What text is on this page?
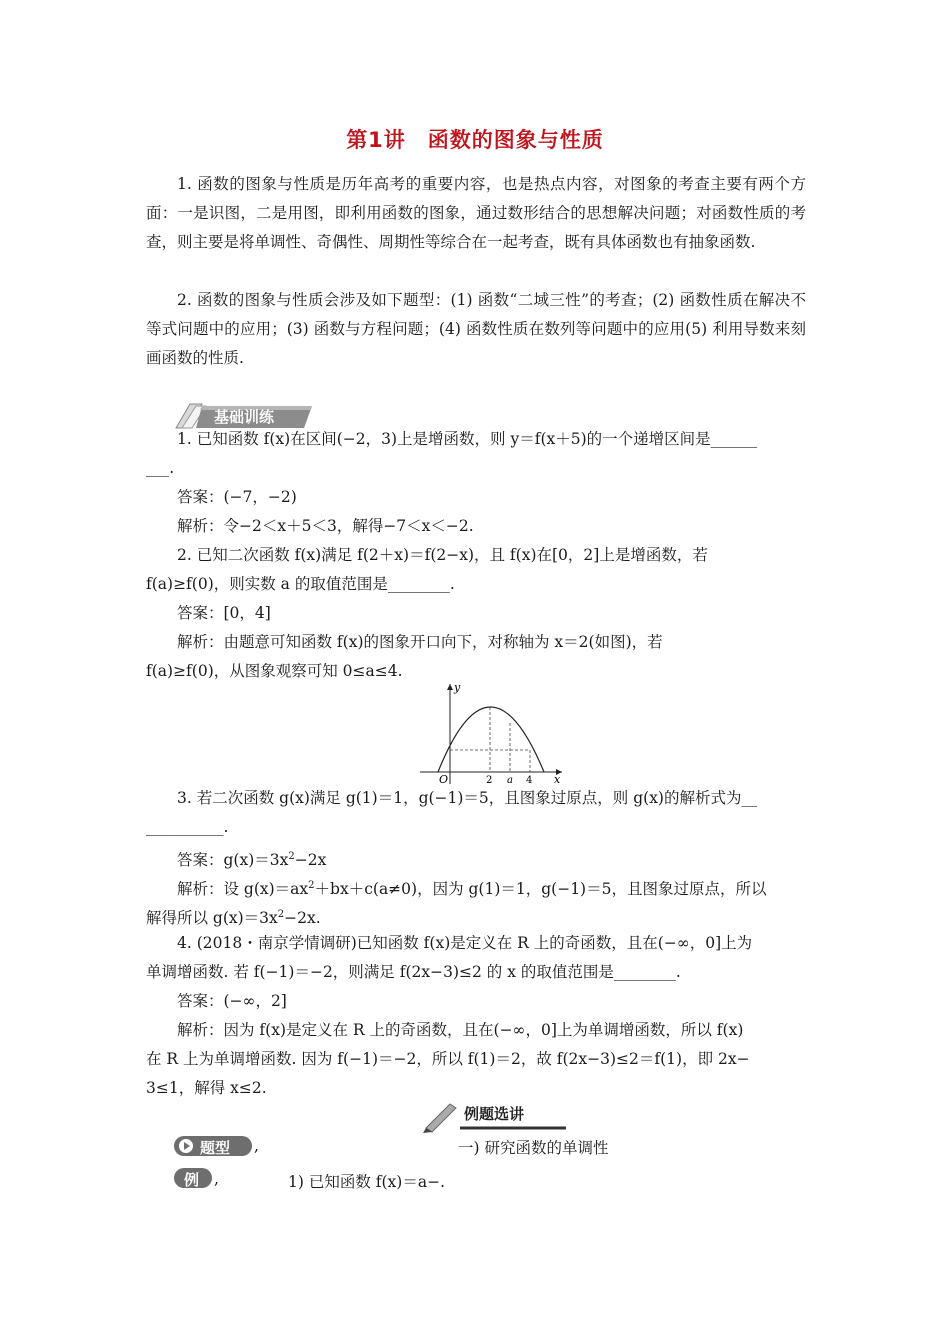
第1讲　函数的图象与性质

1. 函数的图象与性质是历年高考的重要内容，也是热点内容，对图象的考查主要有两个方面：一是识图，二是用图，即利用函数的图象，通过数形结合的思想解决问题；对函数性质的考查，则主要是将单调性、奇偶性、周期性等综合在一起考查，既有具体函数也有抽象函数.

2. 函数的图象与性质会涉及如下题型：(1) 函数“二域三性”的考查；(2) 函数性质在解决不等式问题中的应用；(3) 函数与方程问题；(4) 函数性质在数列等问题中的应用(5) 利用导数来刻画函数的性质.

基础训练

1. 已知函数 f(x)在区间(−2，3)上是增函数，则 y＝f(x＋5)的一个递增区间是______

___.

答案：(−7，−2)

解析：令−2＜x＋5＜3，解得−7＜x＜−2.

2. 已知二次函数 f(x)满足 f(2＋x)＝f(2−x)，且 f(x)在[0，2]上是增函数，若

f(a)≥f(0)，则实数 a 的取值范围是________.

答案：[0，4]

解析：由题意可知函数 f(x)的图象开口向下，对称轴为 x＝2(如图)，若

f(a)≥f(0)，从图象观察可知 0≤a≤4.

y
x
O	2 a 4

3. 若二次函数 g(x)满足 g(1)＝1，g(−1)＝5，且图象过原点，则 g(x)的解析式为__

__________.

答案：$g(x)=3x^2-2x$

解析：设 $g(x)=ax^2+bx+c(a\ne 0)$，因为 g(1)＝1，g(−1)＝5，且图象过原点，所以

解得所以 $g(x)=3x^2-2x$.

4. (2018・南京学情调研)已知函数 f(x)是定义在 R 上的奇函数，且在(−∞，0]上为

单调增函数. 若 f(−1)＝−2，则满足 f(2x−3)≤2 的 x 的取值范围是________.

答案：(−∞，2]

解析：因为 f(x)是定义在 R 上的奇函数，且在(−∞，0]上为单调增函数，所以 f(x)

在 R 上为单调增函数. 因为 f(−1)＝−2，所以 f(1)＝2，故 f(2x−3)≤2＝f(1)，即 2x−

3≤1，解得 x≤2.

例题选讲
题型 ,	一) 研究函数的单调性

例 ,	1) 已知函数 f(x)＝a−.
